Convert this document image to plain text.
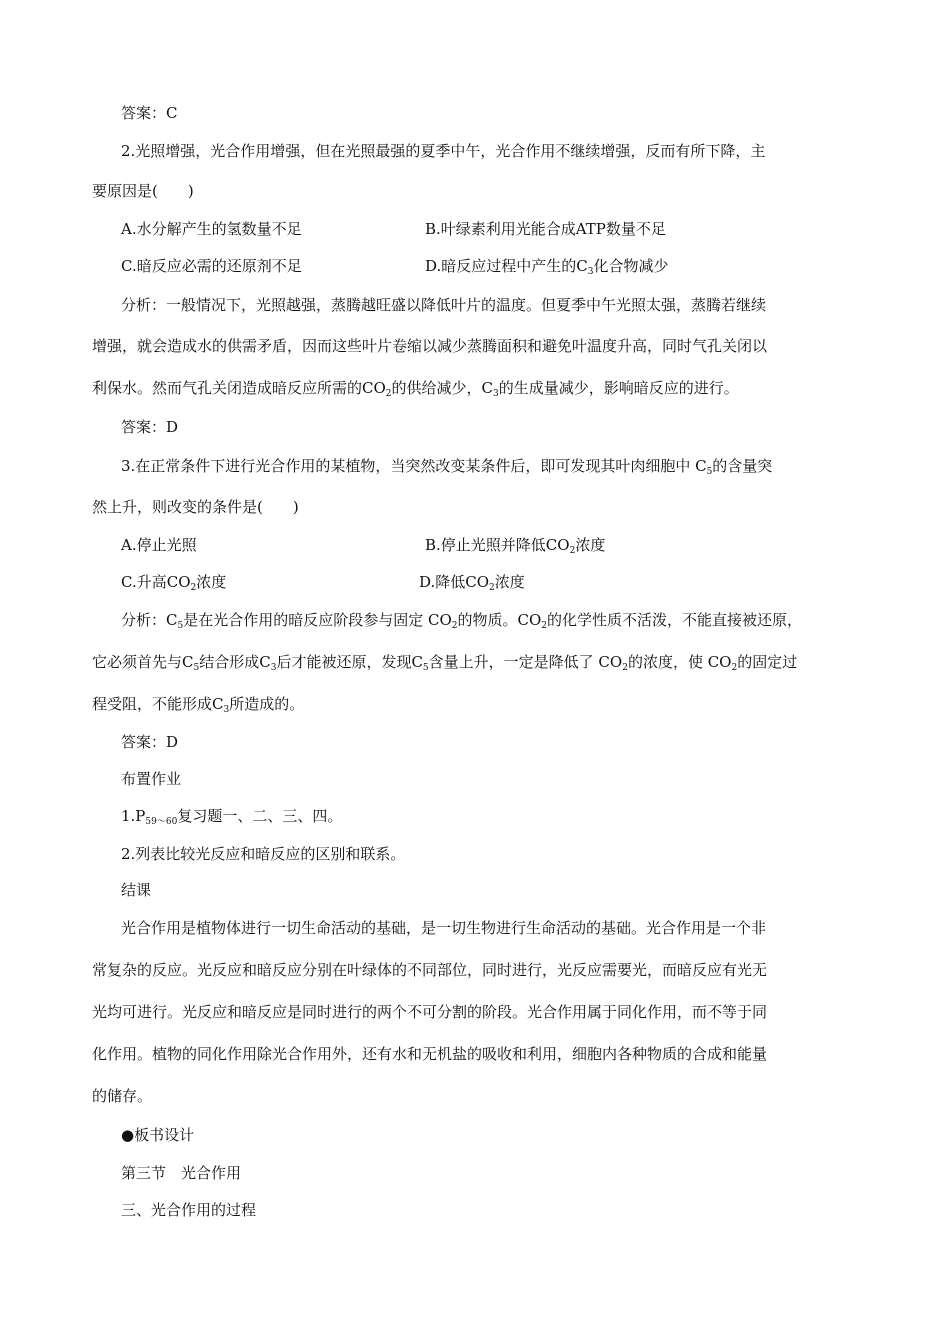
答案：C
2.光照增强，光合作用增强，但在光照最强的夏季中午，光合作用不继续增强，反而有所下降，主
要原因是(　　)
A.水分解产生的氢数量不足	B.叶绿素利用光能合成ATP数量不足
C.暗反应必需的还原剂不足	D.暗反应过程中产生的$C_3$化合物减少
分析：一般情况下，光照越强，蒸腾越旺盛以降低叶片的温度。但夏季中午光照太强，蒸腾若继续
增强，就会造成水的供需矛盾，因而这些叶片卷缩以减少蒸腾面积和避免叶温度升高，同时气孔关闭以
利保水。然而气孔关闭造成暗反应所需的$CO_2$的供给减少，$C_3$的生成量减少，影响暗反应的进行。
答案：D
3.在正常条件下进行光合作用的某植物，当突然改变某条件后，即可发现其叶肉细胞中 $C_5$的含量突
然上升，则改变的条件是(　　)
A.停止光照	B.停止光照并降低$CO_2$浓度
C.升高$CO_2$浓度	D.降低$CO_2$浓度
分析：$C_5$是在光合作用的暗反应阶段参与固定 $CO_2$的物质。$CO_2$的化学性质不活泼，不能直接被还原，
它必须首先与$C_5$结合形成$C_3$后才能被还原，发现$C_5$含量上升，一定是降低了 $CO_2$的浓度，使 $CO_2$的固定过
程受阻，不能形成$C_3$所造成的。
答案：D
布置作业
$1.P_{59\sim 60}$复习题一、二、三、四。
2.列表比较光反应和暗反应的区别和联系。
结课
光合作用是植物体进行一切生命活动的基础，是一切生物进行生命活动的基础。光合作用是一个非
常复杂的反应。光反应和暗反应分别在叶绿体的不同部位，同时进行，光反应需要光，而暗反应有光无
光均可进行。光反应和暗反应是同时进行的两个不可分割的阶段。光合作用属于同化作用，而不等于同
化作用。植物的同化作用除光合作用外，还有水和无机盐的吸收和利用，细胞内各种物质的合成和能量
的储存。
●板书设计
第三节　光合作用
三、光合作用的过程
